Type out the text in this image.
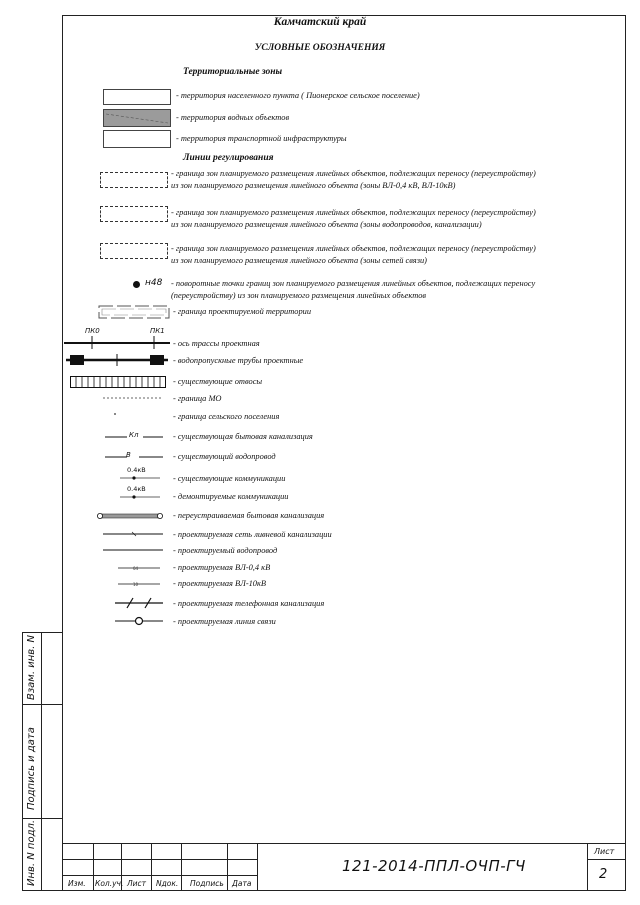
Камчатский край
УСЛОВНЫЕ ОБОЗНАЧЕНИЯ
Территориальные зоны
- территория населенного пункта ( Пионерское сельское поселение)
- территория водных объектов
- территория транспортной инфраструктуры
Линии регулирования
- граница зон планируемого размещения линейных объектов, подлежащих переносу (переустройству) из зон планируемого размещения линейного объекта (зоны ВЛ-0,4 кВ, ВЛ-10кВ)
- граница зон планируемого размещения линейных объектов, подлежащих переносу (переустройству) из зон планируемого размещения линейного объекта (зоны водопроводов, канализации)
- граница зон планируемого размещения линейных объектов, подлежащих переносу (переустройству) из зон планируемого размещения линейного объекта (зоны сетей связи)
н48 - поворотные точки границ зон планируемого размещения линейных объектов, подлежащих переносу (переустройству) из зон планируемого размещения линейных объектов
- граница проектируемой территории
ПК0	ПК1
- ось трассы проектная
- водопропускные трубы проектные
- существующие отвосы
- граница МО
- граница сельского поселения
Кл	- существующая бытовая канализация
В	- существующий водопровод
0.4кВ
- существующие коммуникации
0.4кВ
- демонтируемые коммуникации
- переустраиваемая бытовая канализация
- проектируемая сеть ливневой канализации
- проектируемый водопровод
04	- проектируемая ВЛ-0,4 кВ
10	- проектируемая ВЛ-10кВ
- проектируемая телефонная канализация
- проектируемая линия связи
Взам. инв. N
Подпись и дата
Инв. N подл.	Изм. Кол.уч. Лист Nдок. Подпись Дата
121-2014-ППЛ-ОЧП-ГЧ
Лист
2
